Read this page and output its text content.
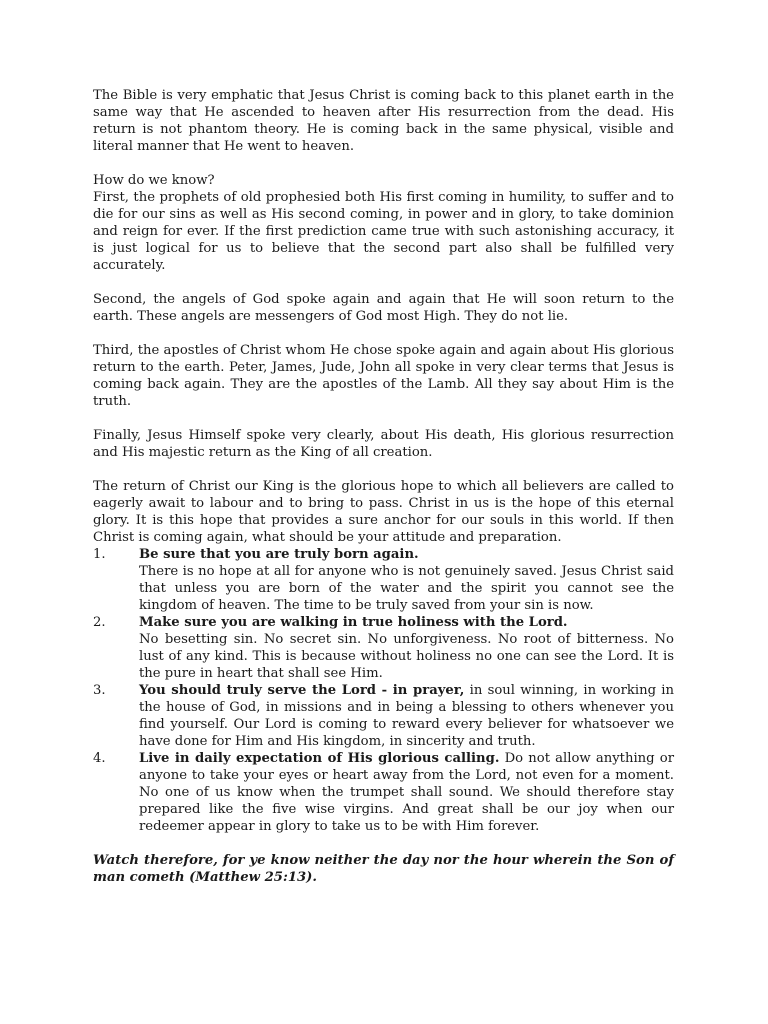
The Bible is very emphatic that Jesus Christ is coming back to this planet earth in the same way that He ascended to heaven after His resurrection from the dead. His return is not phantom theory. He is coming back in the same physical, visible and literal manner that He went to heaven.

How do we know?

First, the prophets of old prophesied both His first coming in humility, to suffer and to die for our sins as well as His second coming, in power and in glory, to take dominion and reign for ever. If the first prediction came true with such astonishing accuracy, it is just logical for us to believe that the second part also shall be fulfilled very accurately.

Second, the angels of God spoke again and again that He will soon return to the earth. These angels are messengers of God most High. They do not lie.

Third, the apostles of Christ whom He chose spoke again and again about His glorious return to the earth. Peter, James, Jude, John all spoke in very clear terms that Jesus is coming back again. They are the apostles of the Lamb. All they say about Him is the truth.

Finally, Jesus Himself spoke very clearly, about His death, His glorious resurrection and His majestic return as the King of all creation.

The return of Christ our King is the glorious hope to which all believers are called to eagerly await to labour and to bring to pass. Christ in us is the hope of this eternal glory. It is this hope that provides a sure anchor for our souls in this world. If then Christ is coming again, what should be your attitude and preparation.

1.	Be sure that you are truly born again.
There is no hope at all for anyone who is not genuinely saved. Jesus Christ said that unless you are born of the water and the spirit you cannot see the kingdom of heaven. The time to be truly saved from your sin is now.
2.	Make sure you are walking in true holiness with the Lord.
No besetting sin. No secret sin. No unforgiveness. No root of bitterness. No lust of any kind. This is because without holiness no one can see the Lord. It is the pure in heart that shall see Him.
3.	You should truly serve the Lord - in prayer, in soul winning, in working in the house of God, in missions and in being a blessing to others whenever you find yourself. Our Lord is coming to reward every believer for whatsoever we have done for Him and His kingdom, in sincerity and truth.
4.	Live in daily expectation of His glorious calling. Do not allow anything or anyone to take your eyes or heart away from the Lord, not even for a moment. No one of us know when the trumpet shall sound. We should therefore stay prepared like the five wise virgins. And great shall be our joy when our redeemer appear in glory to take us to be with Him forever.

Watch therefore, for ye know neither the day nor the hour wherein the Son of man cometh (Matthew 25:13).
